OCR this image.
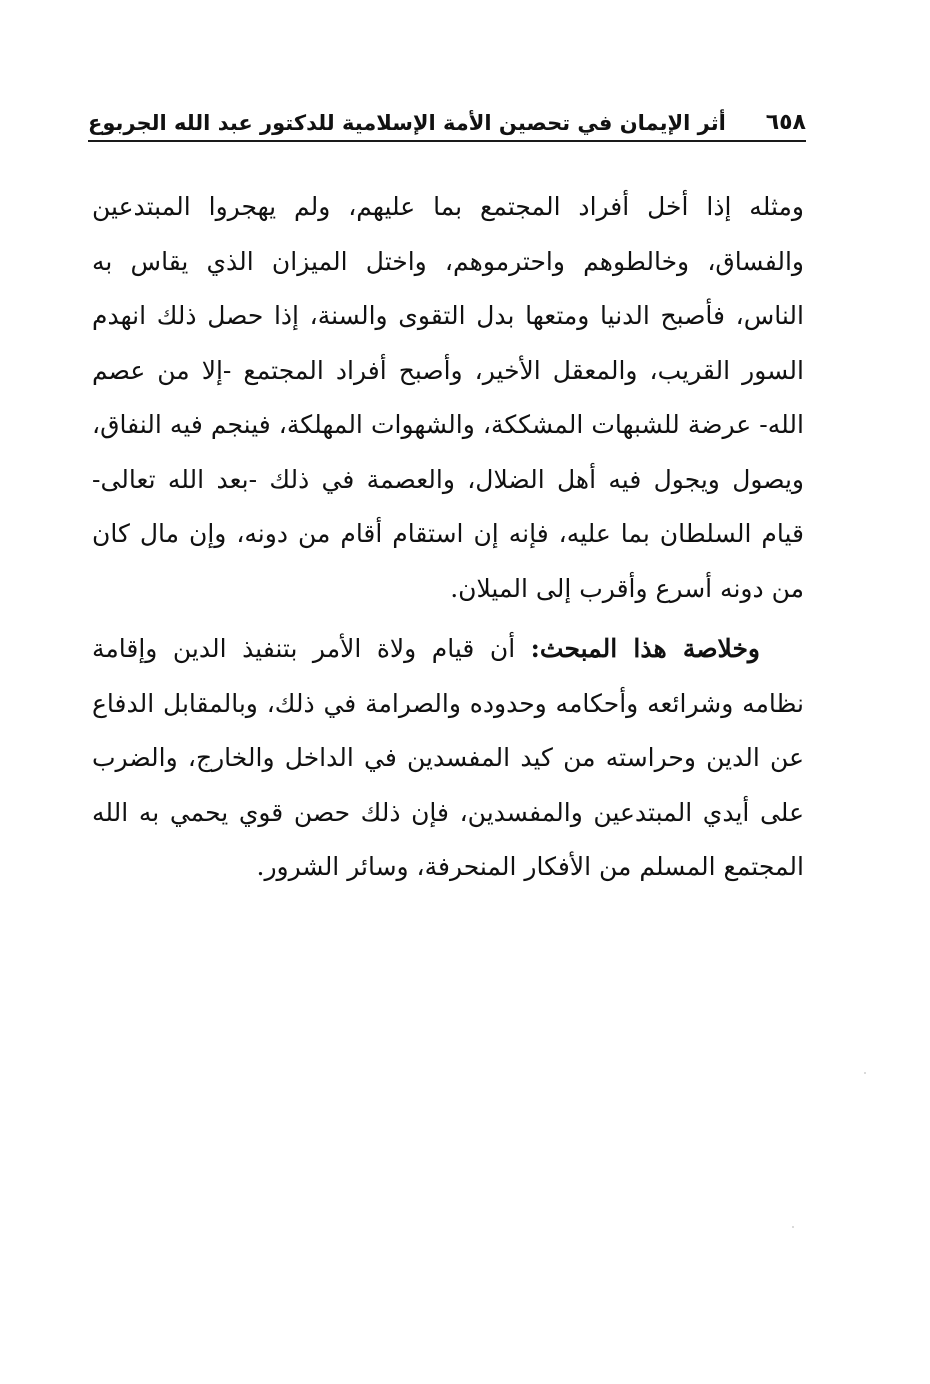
أثر الإيمان في تحصين الأمة الإسلامية للدكتور عبد الله الجربوع ٦٥٨

ومثله إذا أخل أفراد المجتمع بما عليهم، ولم يهجروا المبتدعين والفساق، وخالطوهم واحترموهم، واختل الميزان الذي يقاس به الناس، فأصبح الدنيا ومتعها بدل التقوى والسنة، إذا حصل ذلك انهدم السور القريب، والمعقل الأخير، وأصبح أفراد المجتمع -إلا من عصم الله- عرضة للشبهات المشككة، والشهوات المهلكة، فينجم فيه النفاق، ويصول ويجول فيه أهل الضلال، والعصمة في ذلك -بعد الله تعالى- قيام السلطان بما عليه، فإنه إن استقام أقام من دونه، وإن مال كان من دونه أسرع وأقرب إلى الميلان.

وخلاصة هذا المبحث: أن قيام ولاة الأمر بتنفيذ الدين وإقامة نظامه وشرائعه وأحكامه وحدوده والصرامة في ذلك، وبالمقابل الدفاع عن الدين وحراسته من كيد المفسدين في الداخل والخارج، والضرب على أيدي المبتدعين والمفسدين، فإن ذلك حصن قوي يحمي به الله المجتمع المسلم من الأفكار المنحرفة، وسائر الشرور.
